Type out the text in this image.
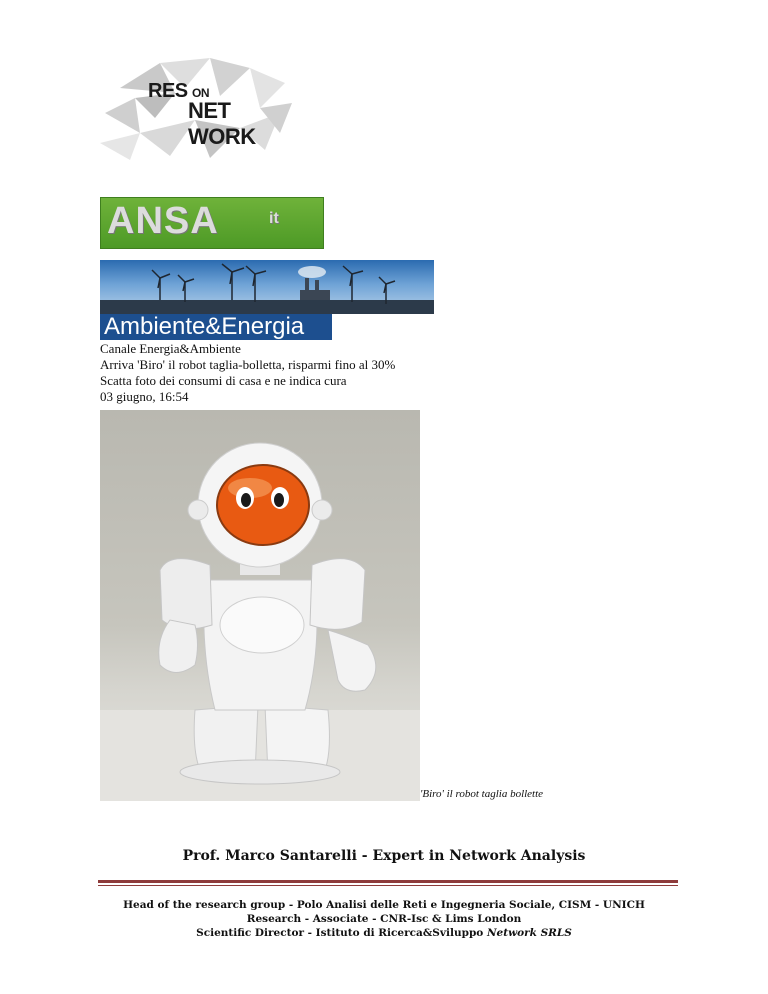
RES ON
NET WORK
ANSA	it
Ambiente&Energia
Canale Energia&Ambiente
Arriva 'Biro' il robot taglia-bolletta, risparmi fino al 30%
Scatta foto dei consumi di casa e ne indica cura
03 giugno, 16:54
'Biro' il robot taglia bollette
Prof. Marco Santarelli - Expert in Network Analysis
Head of the research group - Polo Analisi delle Reti e Ingegneria Sociale, CISM - UNICH
Research - Associate - CNR-Isc & Lims London
Scientific Director - Istituto di Ricerca&Sviluppo Network SRLS
